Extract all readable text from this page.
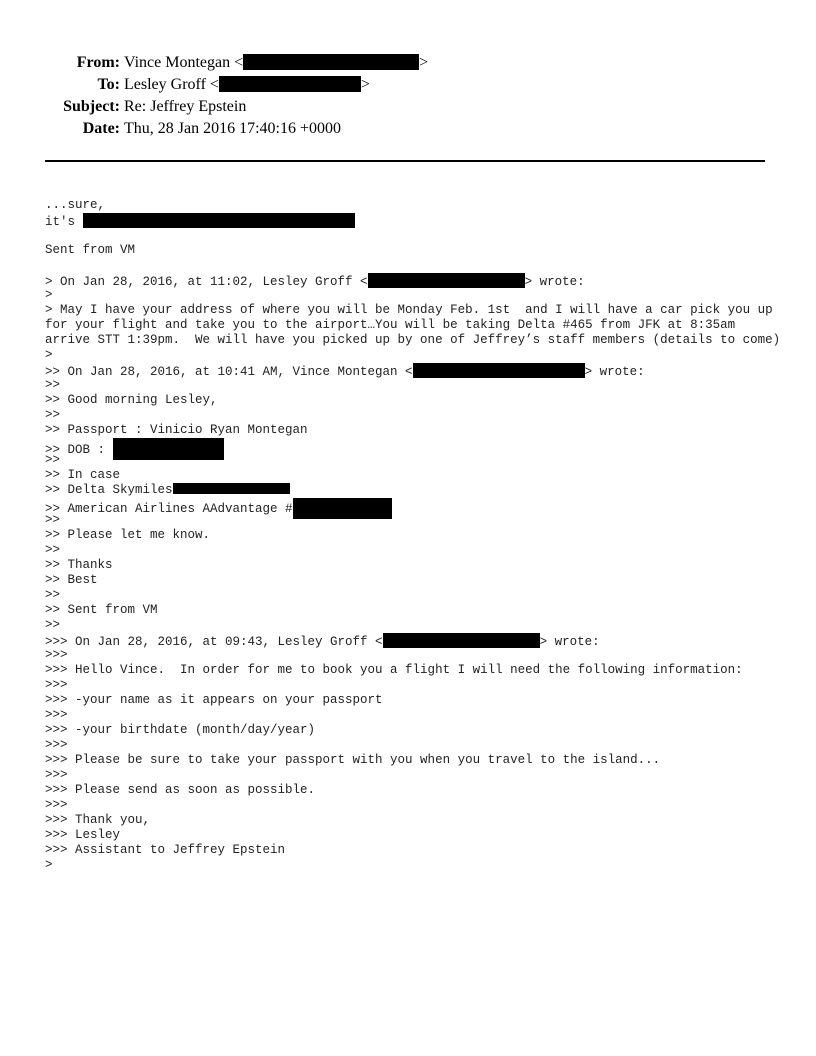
From: Vince Montegan <	>
To: Lesley Groff <	>
Subject: Re: Jeffrey Epstein
Date: Thu, 28 Jan 2016 17:40:16 +0000
...sure,
it's
Sent from VM
> On Jan 28, 2016, at 11:02, Lesley Groff <	> wrote:
>
> May I have your address of where you will be Monday Feb. 1st  and I will have a car pick you up for your flight and take you to the airport…You will be taking Delta #465 from JFK at 8:35am arrive STT 1:39pm.  We will have you picked up by one of Jeffrey’s staff members (details to come)
>
>> On Jan 28, 2016, at 10:41 AM, Vince Montegan <	> wrote:
>>
>> Good morning Lesley,
>>
>> Passport : Vinicio Ryan Montegan
>> DOB :
>>
>> In case
>> Delta Skymiles
>> American Airlines AAdvantage #
>>
>> Please let me know.
>>
>> Thanks
>> Best
>>
>> Sent from VM
>>
>>> On Jan 28, 2016, at 09:43, Lesley Groff <	> wrote:
>>>
>>> Hello Vince.  In order for me to book you a flight I will need the following information:
>>>
>>> -your name as it appears on your passport
>>>
>>> -your birthdate (month/day/year)
>>>
>>> Please be sure to take your passport with you when you travel to the island...
>>>
>>> Please send as soon as possible.
>>>
>>> Thank you,
>>> Lesley
>>> Assistant to Jeffrey Epstein
>
